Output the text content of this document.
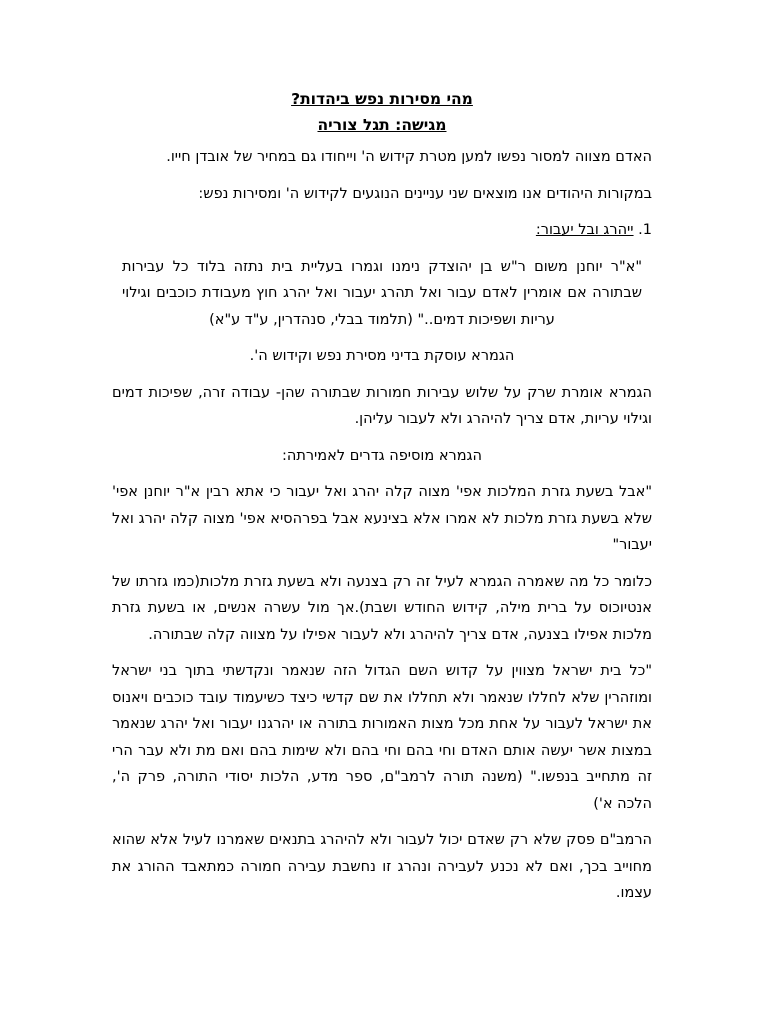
מהי מסירות נפש ביהדות?

מגישה: תגל צוריה

האדם מצווה למסור נפשו למען מטרת קידוש ה' וייחודו גם במחיר של אובדן חייו.

במקורות היהודים אנו מוצאים שני עניינים הנוגעים לקידוש ה' ומסירות נפש:

1. ייהרג ובל יעבור:

"א"ר יוחנן משום ר"ש בן יהוצדק נימנו וגמרו בעליית בית נתזה בלוד כל עבירות שבתורה אם אומרין לאדם עבור ואל תהרג יעבור ואל יהרג חוץ מעבודת כוכבים וגילוי עריות ושפיכות דמים.." (תלמוד בבלי, סנהדרין, ע"ד ע"א)

הגמרא עוסקת בדיני מסירת נפש וקידוש ה'.

הגמרא אומרת שרק על שלוש עבירות חמורות שבתורה שהן- עבודה זרה, שפיכות דמים וגילוי עריות, אדם צריך להיהרג ולא לעבור עליהן.

הגמרא מוסיפה גדרים לאמירתה:

"אבל בשעת גזרת המלכות אפי' מצוה קלה יהרג ואל יעבור כי אתא רבין א"ר יוחנן אפי' שלא בשעת גזרת מלכות לא אמרו אלא בצינעא אבל בפרהסיא אפי' מצוה קלה יהרג ואל יעבור"

כלומר כל מה שאמרה הגמרא לעיל זה רק בצנעה ולא בשעת גזרת מלכות(כמו גזרתו של אנטיוכוס על ברית מילה, קידוש החודש ושבת).אך מול עשרה אנשים, או בשעת גזרת מלכות אפילו בצנעה, אדם צריך להיהרג ולא לעבור אפילו על מצווה קלה שבתורה.

"כל בית ישראל מצווין על קדוש השם הגדול הזה שנאמר ונקדשתי בתוך בני ישראל ומוזהרין שלא לחללו שנאמר ולא תחללו את שם קדשי כיצד כשיעמוד עובד כוכבים ויאנוס את ישראל לעבור על אחת מכל מצות האמורות בתורה או יהרגנו יעבור ואל יהרג שנאמר במצות אשר יעשה אותם האדם וחי בהם וחי בהם ולא שימות בהם ואם מת ולא עבר הרי זה מתחייב בנפשו." (משנה תורה לרמב"ם, ספר מדע, הלכות יסודי התורה, פרק ה', הלכה א')

הרמב"ם פסק שלא רק שאדם יכול לעבור ולא להיהרג בתנאים שאמרנו לעיל אלא שהוא מחוייב בכך, ואם לא נכנע לעבירה ונהרג זו נחשבת עבירה חמורה כמתאבד ההורג את עצמו.
